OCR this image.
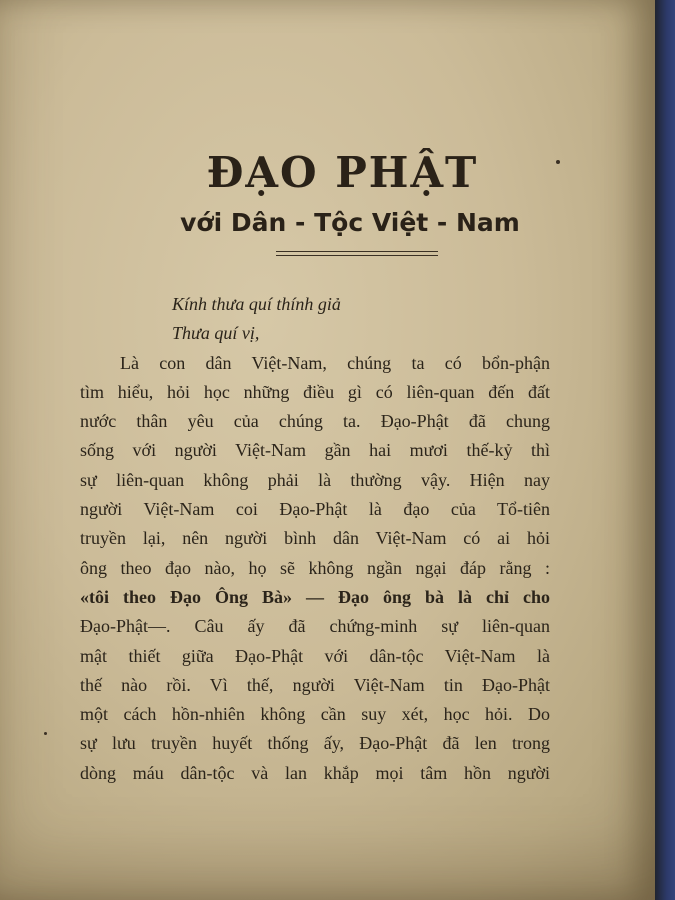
ĐẠO PHẬT
với Dân - Tộc Việt - Nam
Kính thưa quí thính giả
Thưa quí vị,
Là con dân Việt-Nam, chúng ta có bổn-phận
tìm hiểu, hỏi học những điều gì có liên-quan đến đất
nước thân yêu của chúng ta. Đạo-Phật đã chung
sống với người Việt-Nam gần hai mươi thế-kỷ thì
sự liên-quan không phải là thường vậy. Hiện nay
người Việt-Nam coi Đạo-Phật là đạo của Tổ-tiên
truyền lại, nên người bình dân Việt-Nam có ai hỏi
ông theo đạo nào, họ sẽ không ngần ngại đáp rằng :
«tôi theo Đạo Ông Bà» — Đạo ông bà là chỉ cho
Đạo-Phật—. Câu ấy đã chứng-minh sự liên-quan
mật thiết giữa Đạo-Phật với dân-tộc Việt-Nam là
thế nào rồi. Vì thế, người Việt-Nam tin Đạo-Phật
một cách hồn-nhiên không cần suy xét, học hỏi. Do
sự lưu truyền huyết thống ấy, Đạo-Phật đã len trong
dòng máu dân-tộc và lan khắp mọi tâm hồn người
